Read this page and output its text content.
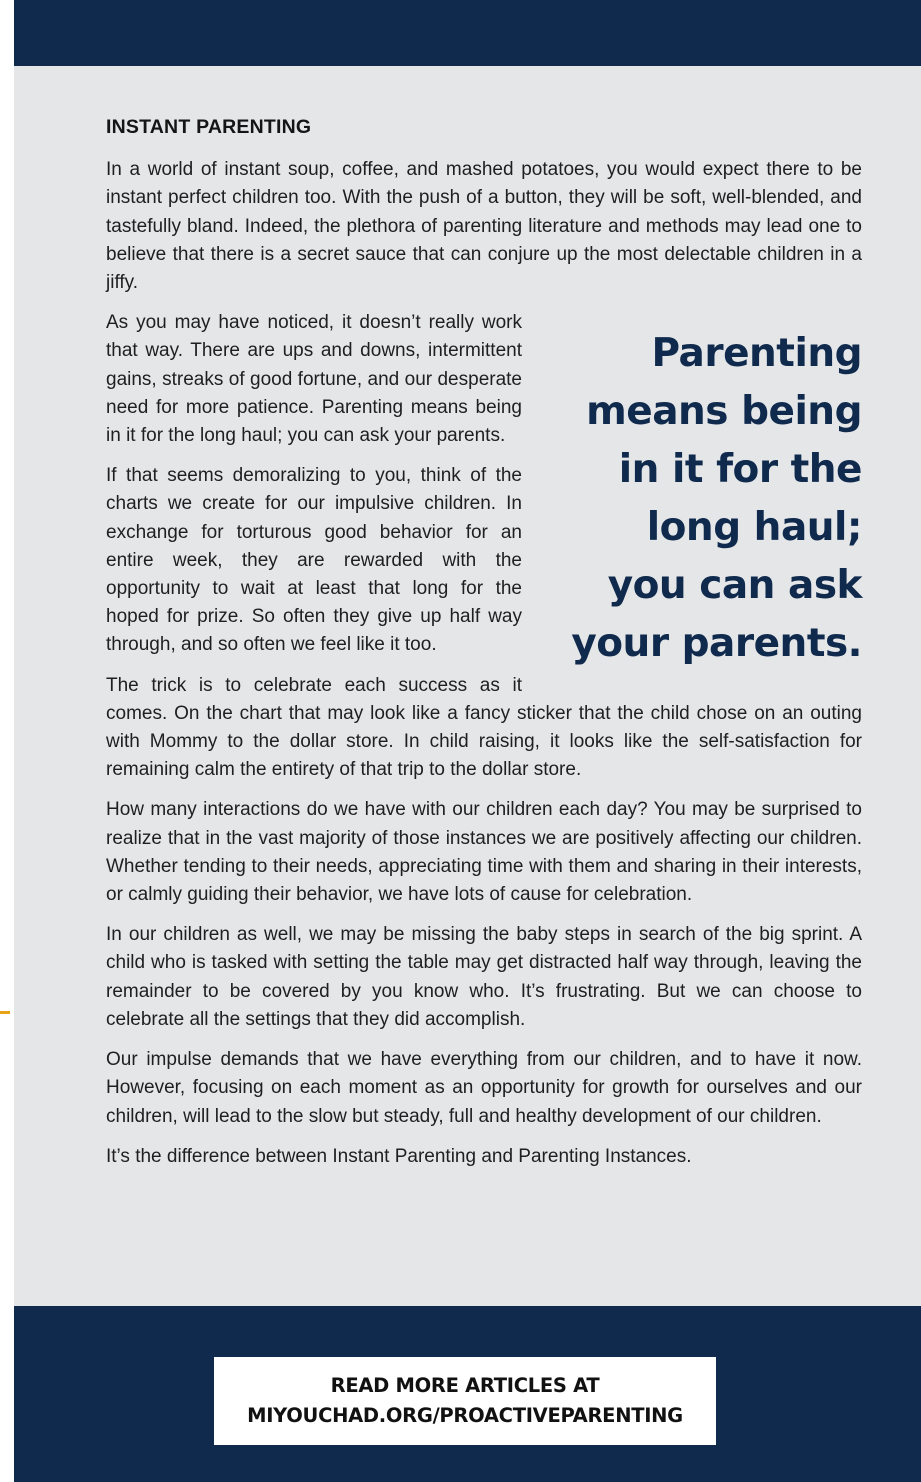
INSTANT PARENTING

In a world of instant soup, coffee, and mashed potatoes, you would expect there to be instant perfect children too. With the push of a button, they will be soft, well-blended, and tastefully bland. Indeed, the plethora of parenting literature and methods may lead one to believe that there is a secret sauce that can conjure up the most delectable children in a jiffy.

Parenting
means being
in it for the
long haul;
you can ask
your parents.

As you may have noticed, it doesn’t really work that way. There are ups and downs, intermittent gains, streaks of good fortune, and our desperate need for more patience. Parenting means being in it for the long haul; you can ask your parents.

If that seems demoralizing to you, think of the charts we create for our impulsive children. In exchange for torturous good behavior for an entire week, they are rewarded with the opportunity to wait at least that long for the hoped for prize. So often they give up half way through, and so often we feel like it too.

The trick is to celebrate each success as it comes. On the chart that may look like a fancy sticker that the child chose on an outing with Mommy to the dollar store. In child raising, it looks like the self-satisfaction for remaining calm the entirety of that trip to the dollar store.

How many interactions do we have with our children each day? You may be surprised to realize that in the vast majority of those instances we are positively affecting our children. Whether tending to their needs, appreciating time with them and sharing in their interests, or calmly guiding their behavior, we have lots of cause for celebration.

In our children as well, we may be missing the baby steps in search of the big sprint. A child who is tasked with setting the table may get distracted half way through, leaving the remainder to be covered by you know who. It’s frustrating. But we can choose to celebrate all the settings that they did accomplish.

Our impulse demands that we have everything from our children, and to have it now. However, focusing on each moment as an opportunity for growth for ourselves and our children, will lead to the slow but steady, full and healthy development of our children.

It’s the difference between Instant Parenting and Parenting Instances.

READ MORE ARTICLES AT
MIYOUCHAD.ORG/PROACTIVEPARENTING
